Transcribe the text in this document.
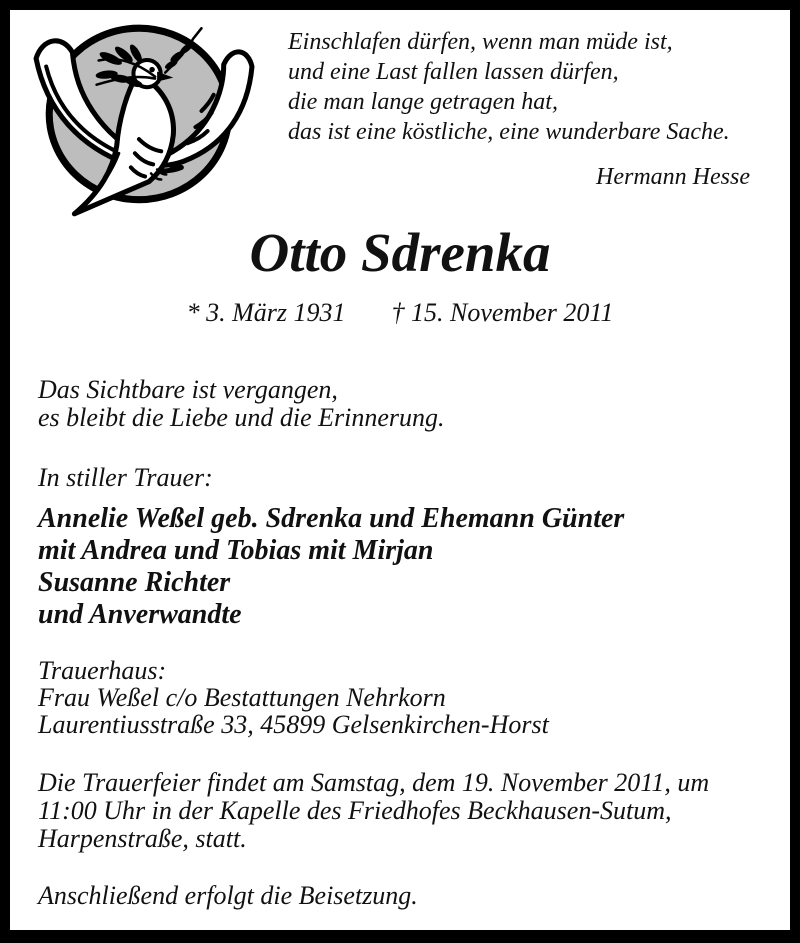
Einschlafen dürfen, wenn man müde ist,
und eine Last fallen lassen dürfen,
die man lange getragen hat,
das ist eine köstliche, eine wunderbare Sache.
Hermann Hesse
Otto Sdrenka
* 3. März 1931 † 15. November 2011
Das Sichtbare ist vergangen,
es bleibt die Liebe und die Erinnerung.
In stiller Trauer:
Annelie Weßel geb. Sdrenka und Ehemann Günter
mit Andrea und Tobias mit Mirjan
Susanne Richter
und Anverwandte
Trauerhaus:
Frau Weßel c/o Bestattungen Nehrkorn
Laurentiusstraße 33, 45899 Gelsenkirchen-Horst
Die Trauerfeier findet am Samstag, dem 19. November 2011, um
11:00 Uhr in der Kapelle des Friedhofes Beckhausen-Sutum,
Harpenstraße, statt.
Anschließend erfolgt die Beisetzung.
